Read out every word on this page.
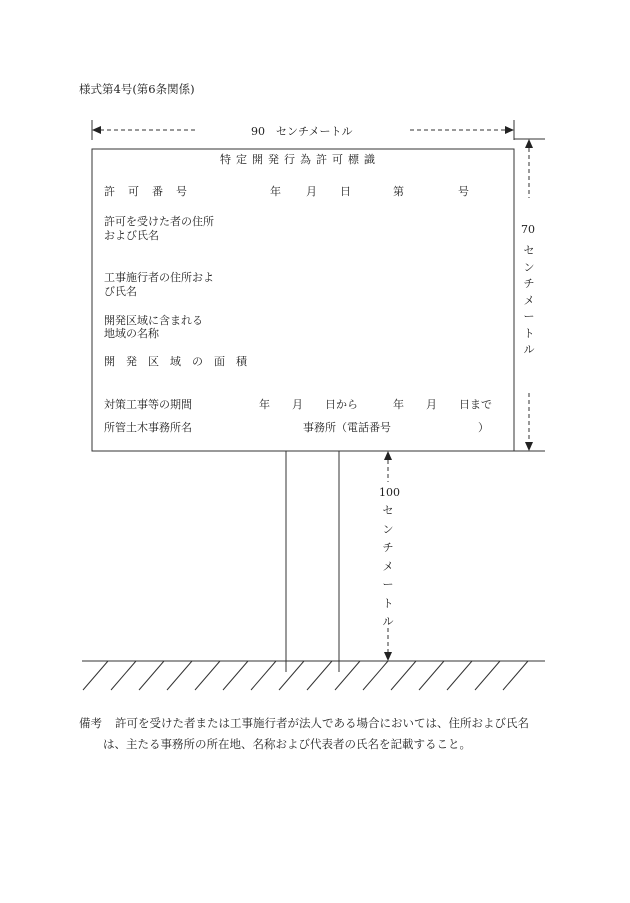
様式第4号(第6条関係)
90　センチメートル
70
センチメートル
100
センチメートル
特定開発行為許可標識
許　可　番　号	年 月 日	第	号
許可を受けた者の住所
および氏名
工事施行者の住所およ
び氏名
開発区域に含まれる
地域の名称
開　発　区　域　の　面　積
対策工事等の期間	年 月 日から	年 月 日まで
所管土木事務所名	事務所（電話番号	）
備考 許可を受けた者または工事施行者が法人である場合においては、住所および氏名
は、主たる事務所の所在地、名称および代表者の氏名を記載すること。
